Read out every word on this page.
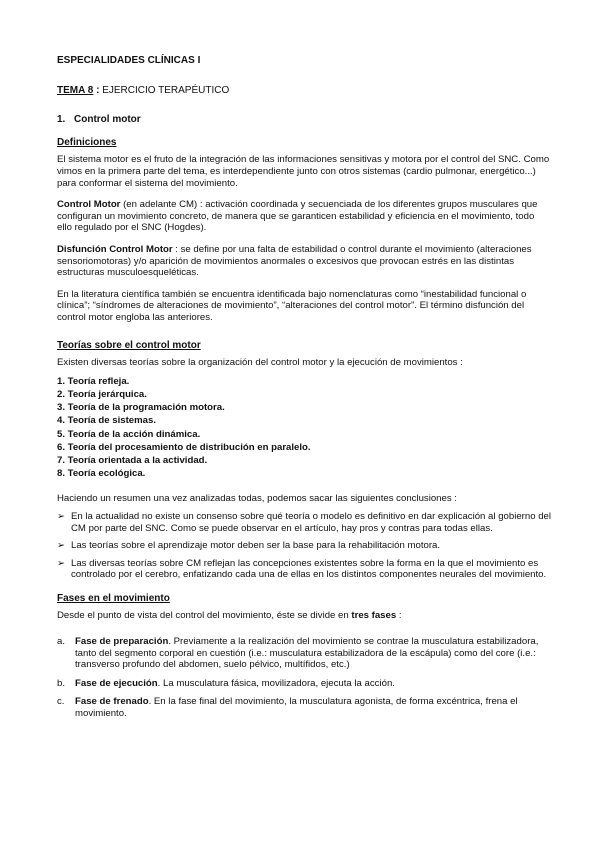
ESPECIALIDADES CLÍNICAS I
TEMA 8 : EJERCICIO TERAPÉUTICO
1. Control motor
Definiciones

El sistema motor es el fruto de la integración de las informaciones sensitivas y motora por el control del SNC. Como vimos en la primera parte del tema, es interdependiente junto con otros sistemas (cardio pulmonar, energético...) para conformar el sistema del movimiento.

Control Motor (en adelante CM) : activación coordinada y secuenciada de los diferentes grupos musculares que configuran un movimiento concreto, de manera que se garanticen estabilidad y eficiencia en el movimiento, todo ello regulado por el SNC (Hogdes).

Disfunción Control Motor : se define por una falta de estabilidad o control durante el movimiento (alteraciones sensoriomotoras) y/o aparición de movimientos anormales o excesivos que provocan estrés en las distintas estructuras musculoesqueléticas.

En la literatura científica también se encuentra identificada bajo nomenclaturas como “inestabilidad funcional o clínica”; “síndromes de alteraciones de movimiento”, “alteraciones del control motor”. El término disfunción del control motor engloba las anteriores.

Teorías sobre el control motor

Existen diversas teorías sobre la organización del control motor y la ejecución de movimientos :

1. Teoría refleja.
2. Teoría jerárquica.
3. Teoría de la programación motora.
4. Teoría de sistemas.
5. Teoría de la acción dinámica.
6. Teoría del procesamiento de distribución en paralelo.
7. Teoría orientada a la actividad.
8. Teoría ecológica.

Haciendo un resumen una vez analizadas todas, podemos sacar las siguientes conclusiones :

➢ En la actualidad no existe un consenso sobre qué teoría o modelo es definitivo en dar explicación al gobierno del CM por parte del SNC. Como se puede observar en el artículo, hay pros y contras para todas ellas.
➢ Las teorías sobre el aprendizaje motor deben ser la base para la rehabilitación motora.
➢ Las diversas teorías sobre CM reflejan las concepciones existentes sobre la forma en la que el movimiento es controlado por el cerebro, enfatizando cada una de ellas en los distintos componentes neurales del movimiento.
Fases en el movimiento

Desde el punto de vista del control del movimiento, éste se divide en tres fases :

a.	Fase de preparación. Previamente a la realización del movimiento se contrae la musculatura estabilizadora, tanto del segmento corporal en cuestión (i.e.: musculatura estabilizadora de la escápula) como del core (i.e.: transverso profundo del abdomen, suelo pélvico, multífidos, etc.)
b.	Fase de ejecución. La musculatura fásica, movilizadora, ejecuta la acción.
c.	Fase de frenado. En la fase final del movimiento, la musculatura agonista, de forma excéntrica, frena el movimiento.
